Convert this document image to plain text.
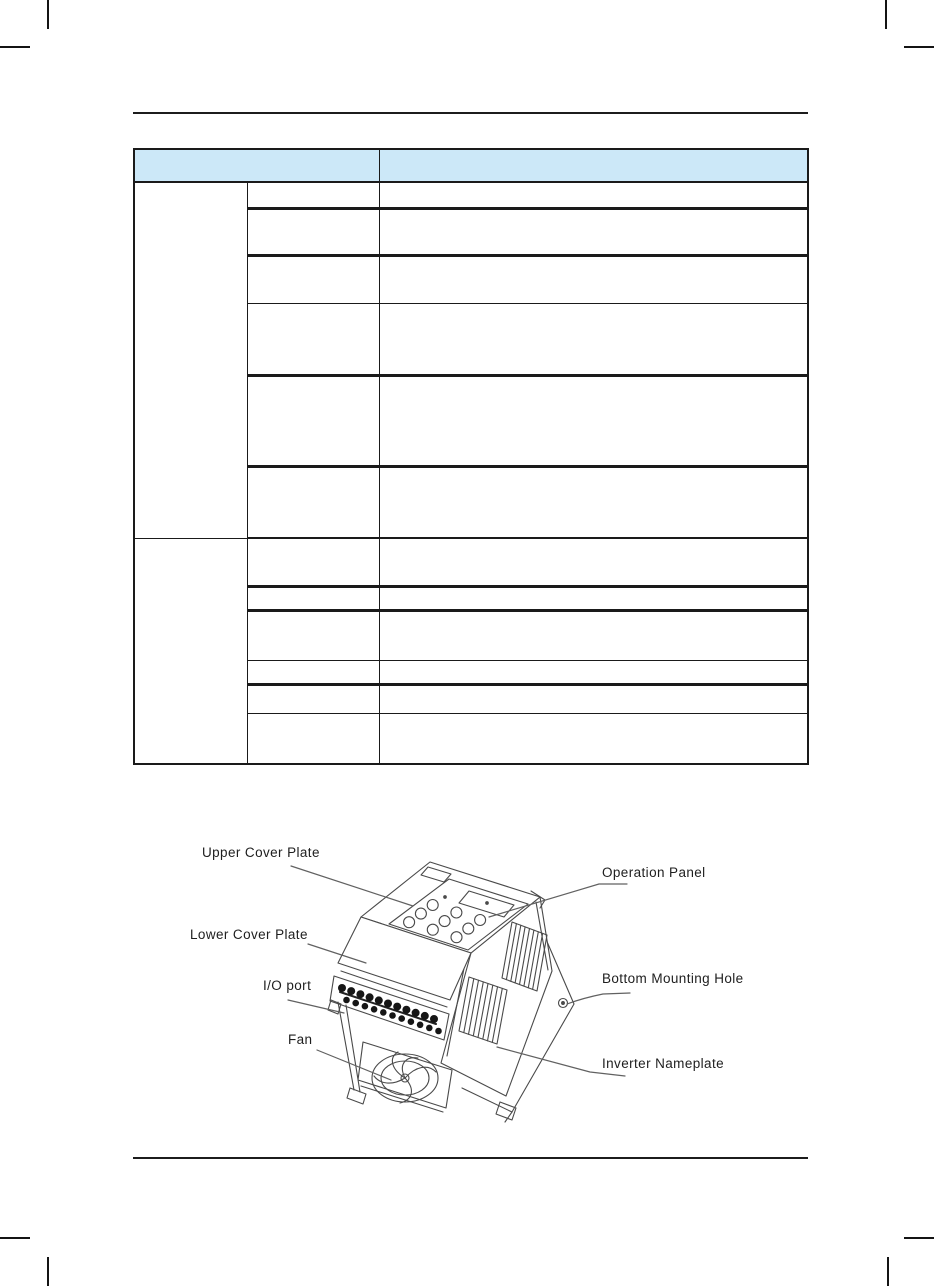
Upper Cover Plate
Operation Panel
Lower Cover Plate
I/O port
Fan
Bottom Mounting Hole
Inverter Nameplate
